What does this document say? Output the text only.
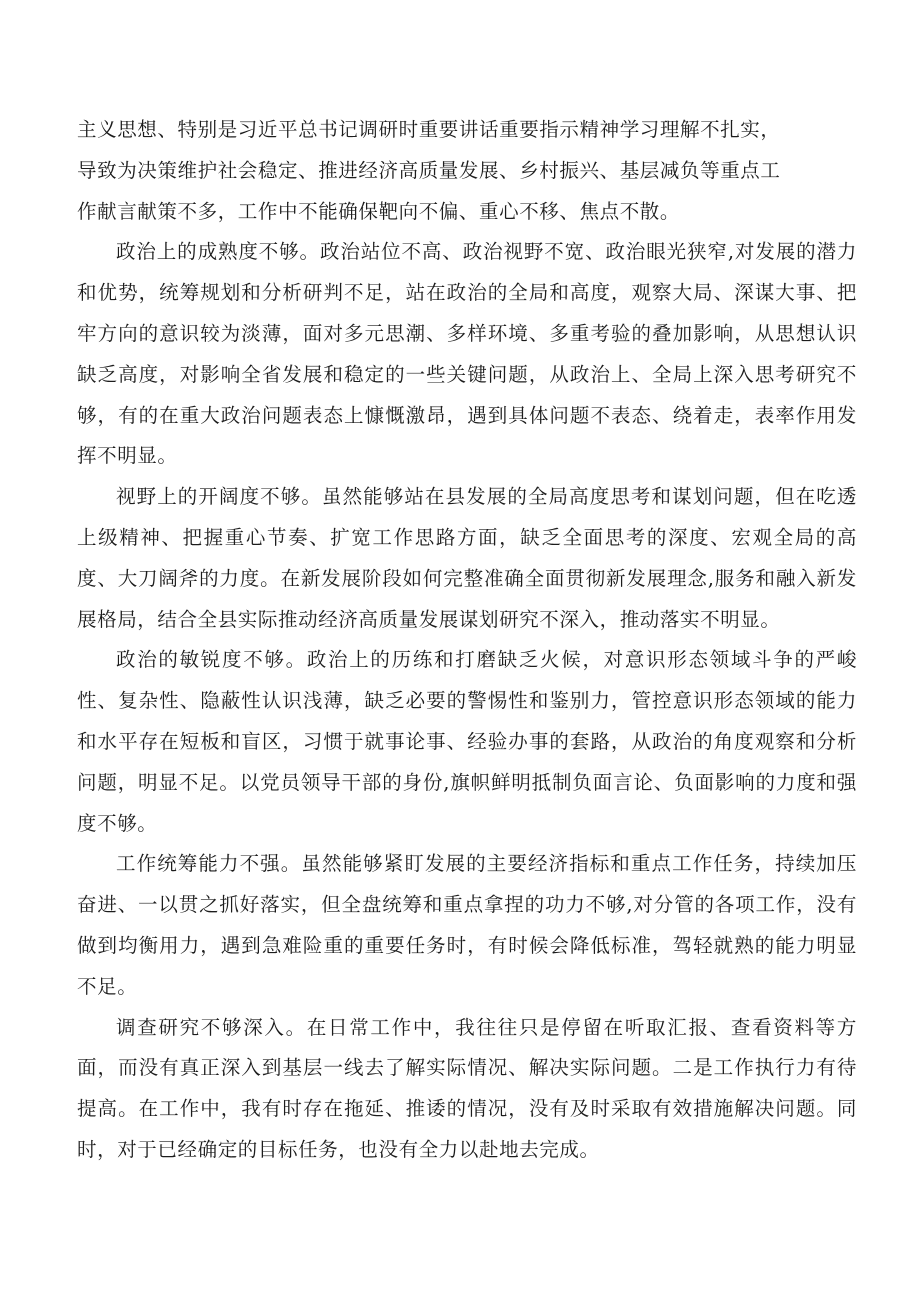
主义思想、特别是习近平总书记调研时重要讲话重要指示精神学习理解不扎实，
导致为决策维护社会稳定、推进经济高质量发展、乡村振兴、基层减负等重点工
作献言献策不多，工作中不能确保靶向不偏、重心不移、焦点不散。

政治上的成熟度不够。政治站位不高、政治视野不宽、政治眼光狭窄,对发展的潜力和优势，统筹规划和分析研判不足，站在政治的全局和高度，观察大局、深谋大事、把牢方向的意识较为淡薄，面对多元思潮、多样环境、多重考验的叠加影响，从思想认识缺乏高度，对影响全省发展和稳定的一些关键问题，从政治上、全局上深入思考研究不够，有的在重大政治问题表态上慷慨激昂，遇到具体问题不表态、绕着走，表率作用发挥不明显。

视野上的开阔度不够。虽然能够站在县发展的全局高度思考和谋划问题，但在吃透上级精神、把握重心节奏、扩宽工作思路方面，缺乏全面思考的深度、宏观全局的高度、大刀阔斧的力度。在新发展阶段如何完整准确全面贯彻新发展理念,服务和融入新发展格局，结合全县实际推动经济高质量发展谋划研究不深入，推动落实不明显。

政治的敏锐度不够。政治上的历练和打磨缺乏火候，对意识形态领域斗争的严峻性、复杂性、隐蔽性认识浅薄，缺乏必要的警惕性和鉴别力，管控意识形态领域的能力和水平存在短板和盲区，习惯于就事论事、经验办事的套路，从政治的角度观察和分析问题，明显不足。以党员领导干部的身份,旗帜鲜明抵制负面言论、负面影响的力度和强度不够。

工作统筹能力不强。虽然能够紧盯发展的主要经济指标和重点工作任务，持续加压奋进、一以贯之抓好落实，但全盘统筹和重点拿捏的功力不够,对分管的各项工作，没有做到均衡用力，遇到急难险重的重要任务时，有时候会降低标准，驾轻就熟的能力明显不足。

调查研究不够深入。在日常工作中，我往往只是停留在听取汇报、查看资料等方面，而没有真正深入到基层一线去了解实际情况、解决实际问题。二是工作执行力有待提高。在工作中，我有时存在拖延、推诿的情况，没有及时采取有效措施解决问题。同时，对于已经确定的目标任务，也没有全力以赴地去完成。
